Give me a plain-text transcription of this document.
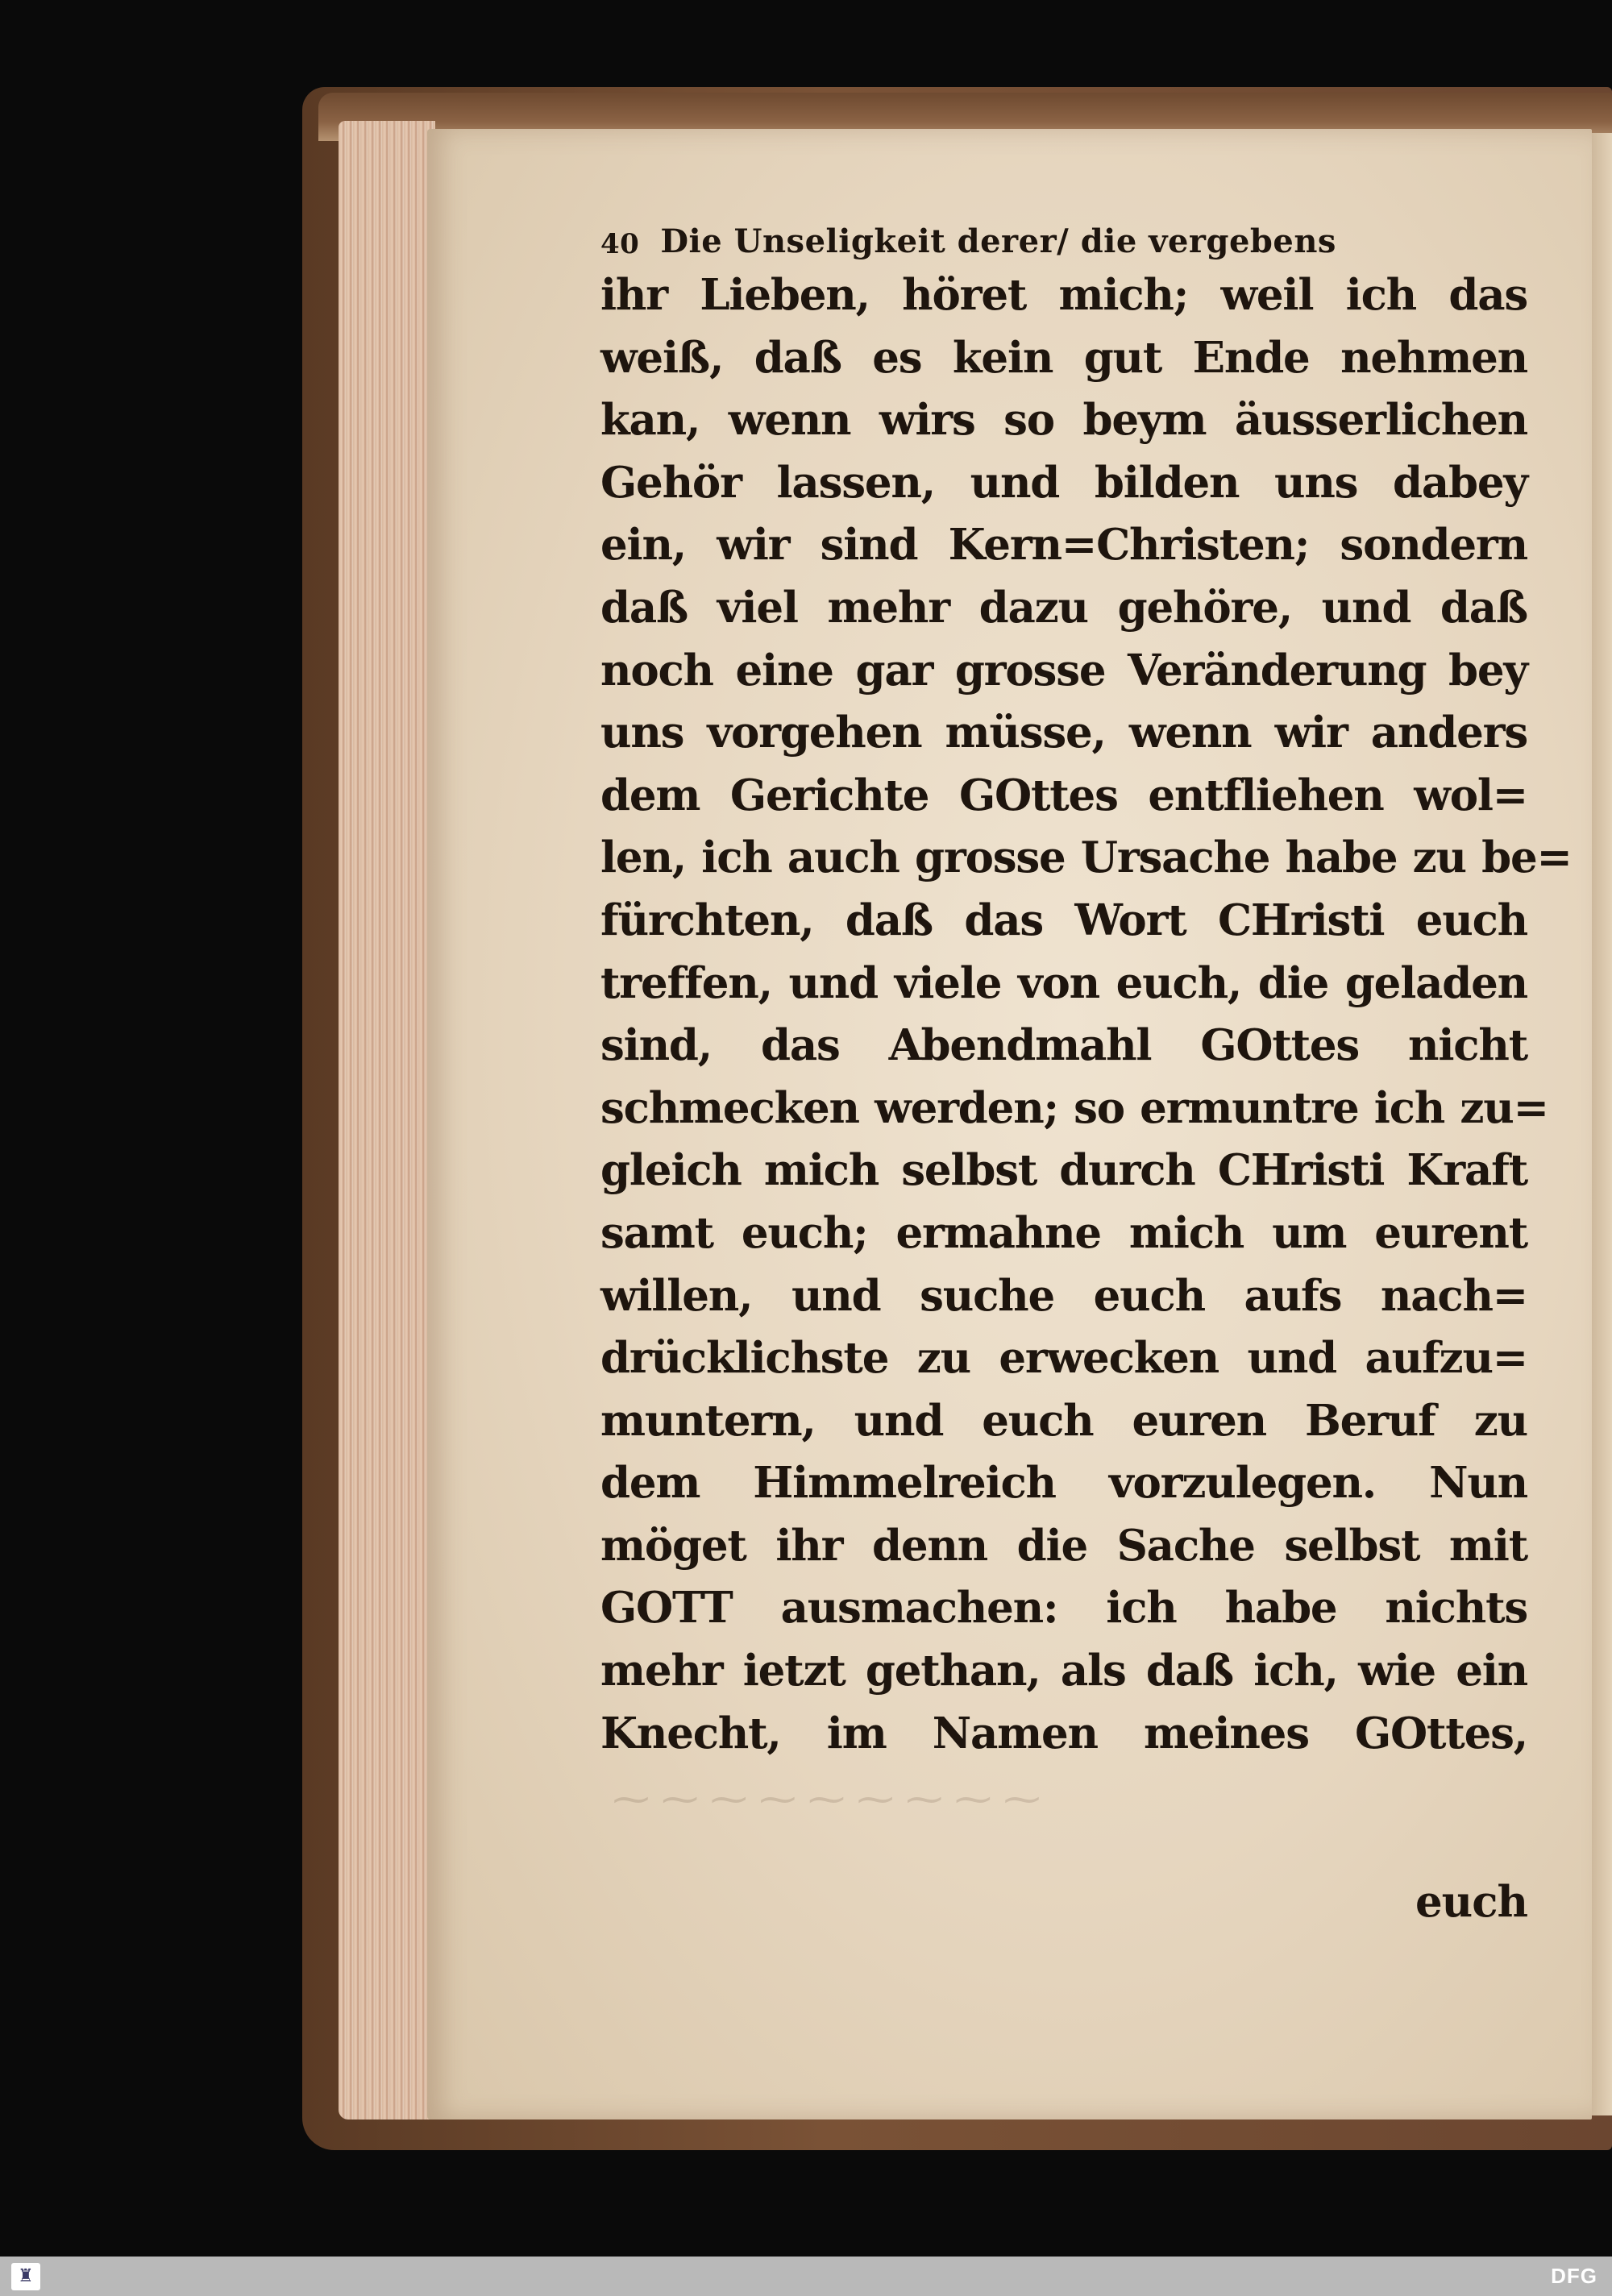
⁓ ⁓ ⁓ ⁓ ⁓ ⁓ ⁓ ⁓ ⁓
40 Die Unseligkeit derer/ die vergebens
ihr Lieben, höret mich; weil ich das
weiß, daß es kein gut Ende nehmen
kan, wenn wirs so beym äusserlichen
Gehör lassen, und bilden uns dabey
ein, wir sind Kern=Christen; sondern
daß viel mehr dazu gehöre, und daß
noch eine gar grosse Veränderung bey
uns vorgehen müsse, wenn wir anders
dem Gerichte GOttes entfliehen wol=
len, ich auch grosse Ursache habe zu be=
fürchten, daß das Wort CHristi euch
treffen, und viele von euch, die geladen
sind, das Abendmahl GOttes nicht
schmecken werden; so ermuntre ich zu=
gleich mich selbst durch CHristi Kraft
samt euch; ermahne mich um eurent
willen, und suche euch aufs nach=
drücklichste zu erwecken und aufzu=
muntern, und euch euren Beruf zu
dem Himmelreich vorzulegen. Nun
möget ihr denn die Sache selbst mit
GOTT ausmachen: ich habe nichts
mehr ietzt gethan, als daß ich, wie ein
Knecht, im Namen meines GOttes,
euch
♜	DFG
